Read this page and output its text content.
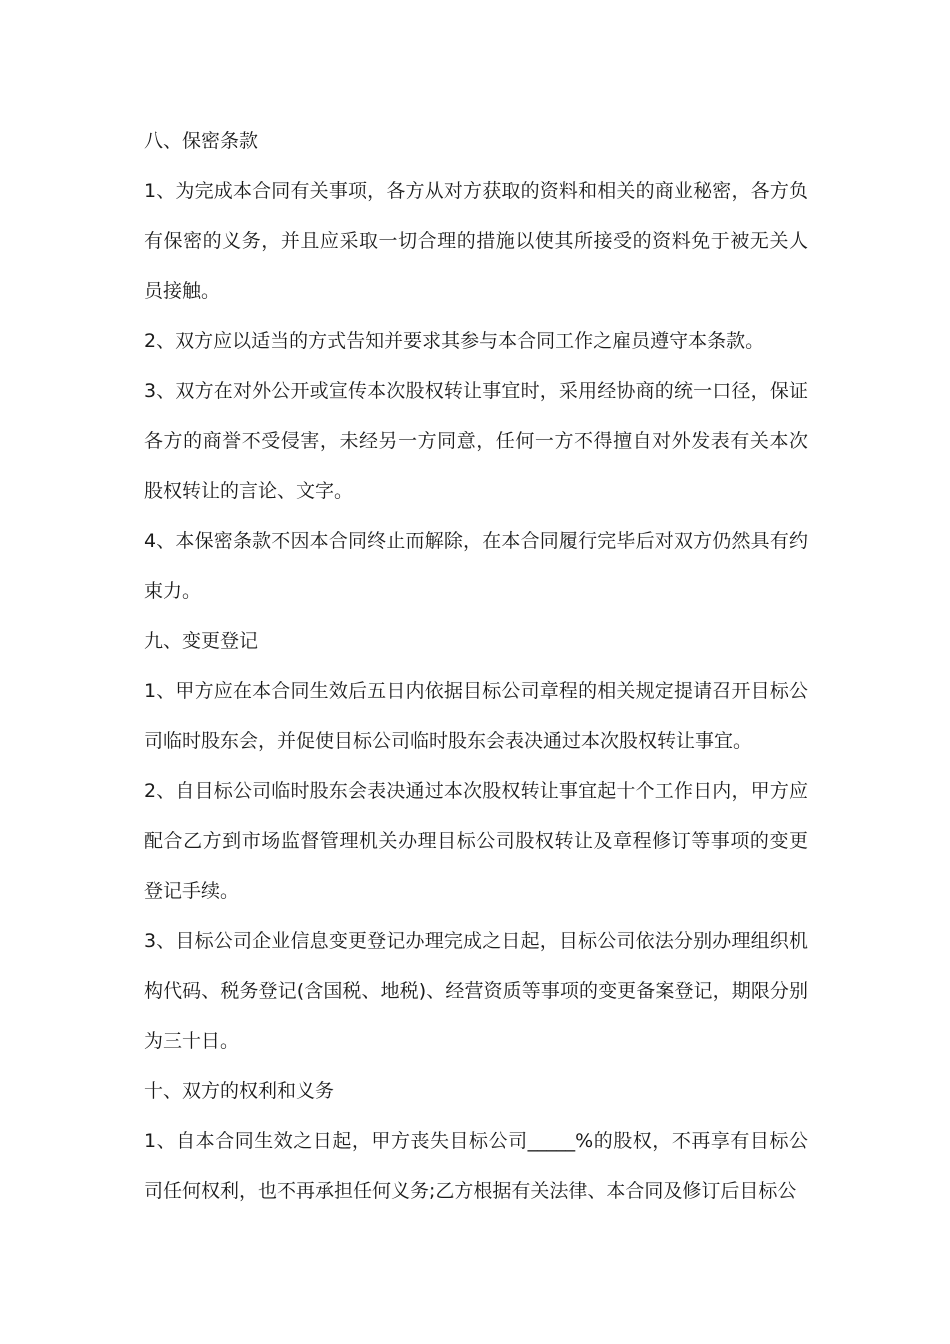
八、保密条款

1、为完成本合同有关事项，各方从对方获取的资料和相关的商业秘密，各方负有保密的义务，并且应采取一切合理的措施以使其所接受的资料免于被无关人员接触。

2、双方应以适当的方式告知并要求其参与本合同工作之雇员遵守本条款。

3、双方在对外公开或宣传本次股权转让事宜时，采用经协商的统一口径，保证各方的商誉不受侵害，未经另一方同意，任何一方不得擅自对外发表有关本次股权转让的言论、文字。

4、本保密条款不因本合同终止而解除，在本合同履行完毕后对双方仍然具有约束力。

九、变更登记

1、甲方应在本合同生效后五日内依据目标公司章程的相关规定提请召开目标公司临时股东会，并促使目标公司临时股东会表决通过本次股权转让事宜。

2、自目标公司临时股东会表决通过本次股权转让事宜起十个工作日内，甲方应配合乙方到市场监督管理机关办理目标公司股权转让及章程修订等事项的变更登记手续。

3、目标公司企业信息变更登记办理完成之日起，目标公司依法分别办理组织机构代码、税务登记(含国税、地税)、经营资质等事项的变更备案登记，期限分别为三十日。

十、双方的权利和义务

1、自本合同生效之日起，甲方丧失目标公司_____%的股权，不再享有目标公司任何权利，也不再承担任何义务;乙方根据有关法律、本合同及修订后目标公
